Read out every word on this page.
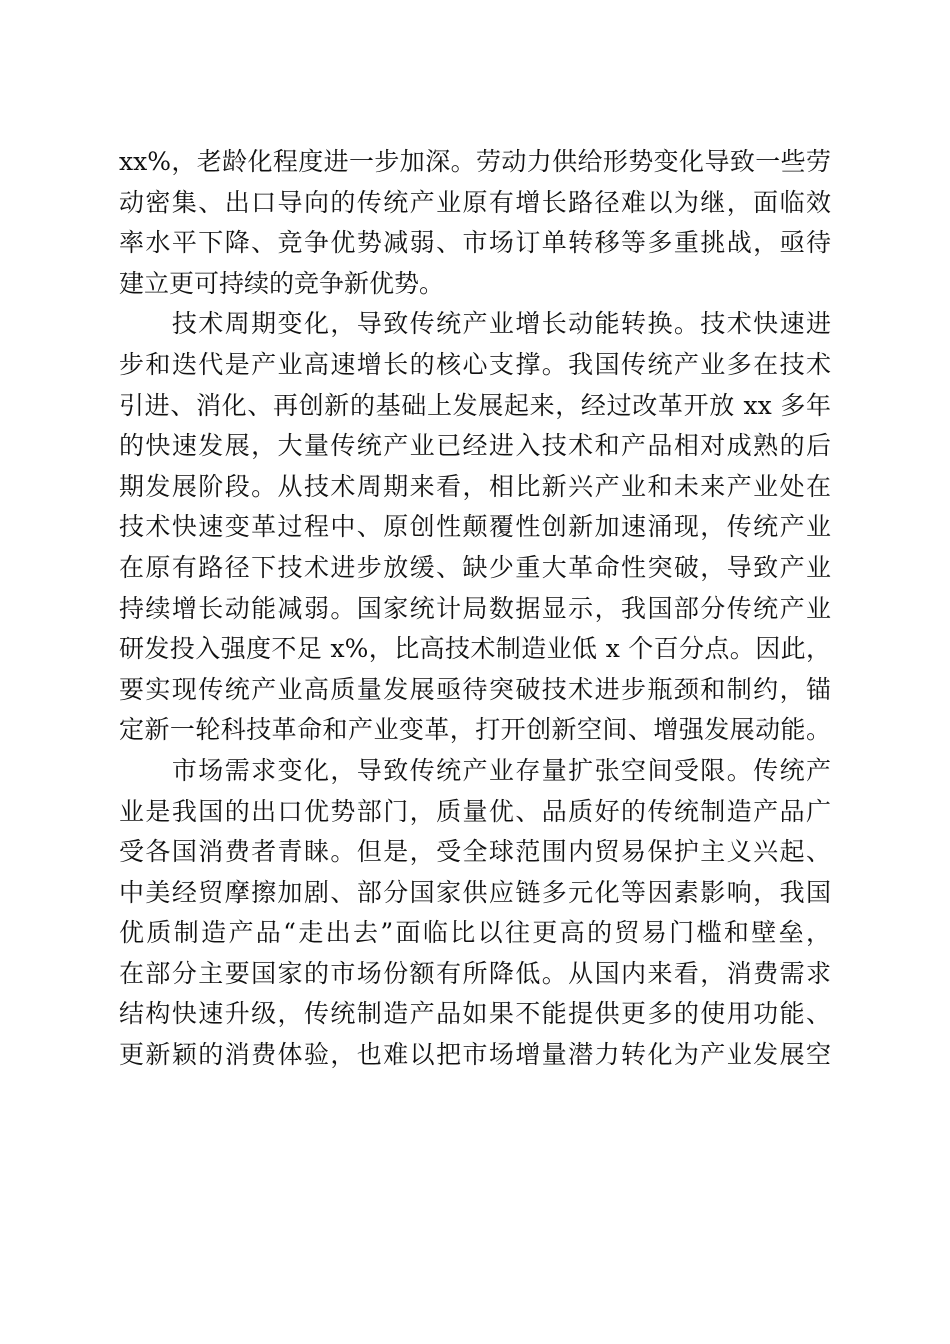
xx%，老龄化程度进一步加深。劳动力供给形势变化导致一些劳
动密集、出口导向的传统产业原有增长路径难以为继，面临效
率水平下降、竞争优势减弱、市场订单转移等多重挑战，亟待
建立更可持续的竞争新优势。
　　技术周期变化，导致传统产业增长动能转换。技术快速进
步和迭代是产业高速增长的核心支撑。我国传统产业多在技术
引进、消化、再创新的基础上发展起来，经过改革开放 xx 多年
的快速发展，大量传统产业已经进入技术和产品相对成熟的后
期发展阶段。从技术周期来看，相比新兴产业和未来产业处在
技术快速变革过程中、原创性颠覆性创新加速涌现，传统产业
在原有路径下技术进步放缓、缺少重大革命性突破，导致产业
持续增长动能减弱。国家统计局数据显示，我国部分传统产业
研发投入强度不足 x%，比高技术制造业低 x 个百分点。因此，
要实现传统产业高质量发展亟待突破技术进步瓶颈和制约，锚
定新一轮科技革命和产业变革，打开创新空间、增强发展动能。
　　市场需求变化，导致传统产业存量扩张空间受限。传统产
业是我国的出口优势部门，质量优、品质好的传统制造产品广
受各国消费者青睐。但是，受全球范围内贸易保护主义兴起、
中美经贸摩擦加剧、部分国家供应链多元化等因素影响，我国
优质制造产品“走出去”面临比以往更高的贸易门槛和壁垒，
在部分主要国家的市场份额有所降低。从国内来看，消费需求
结构快速升级，传统制造产品如果不能提供更多的使用功能、
更新颖的消费体验，也难以把市场增量潜力转化为产业发展空
